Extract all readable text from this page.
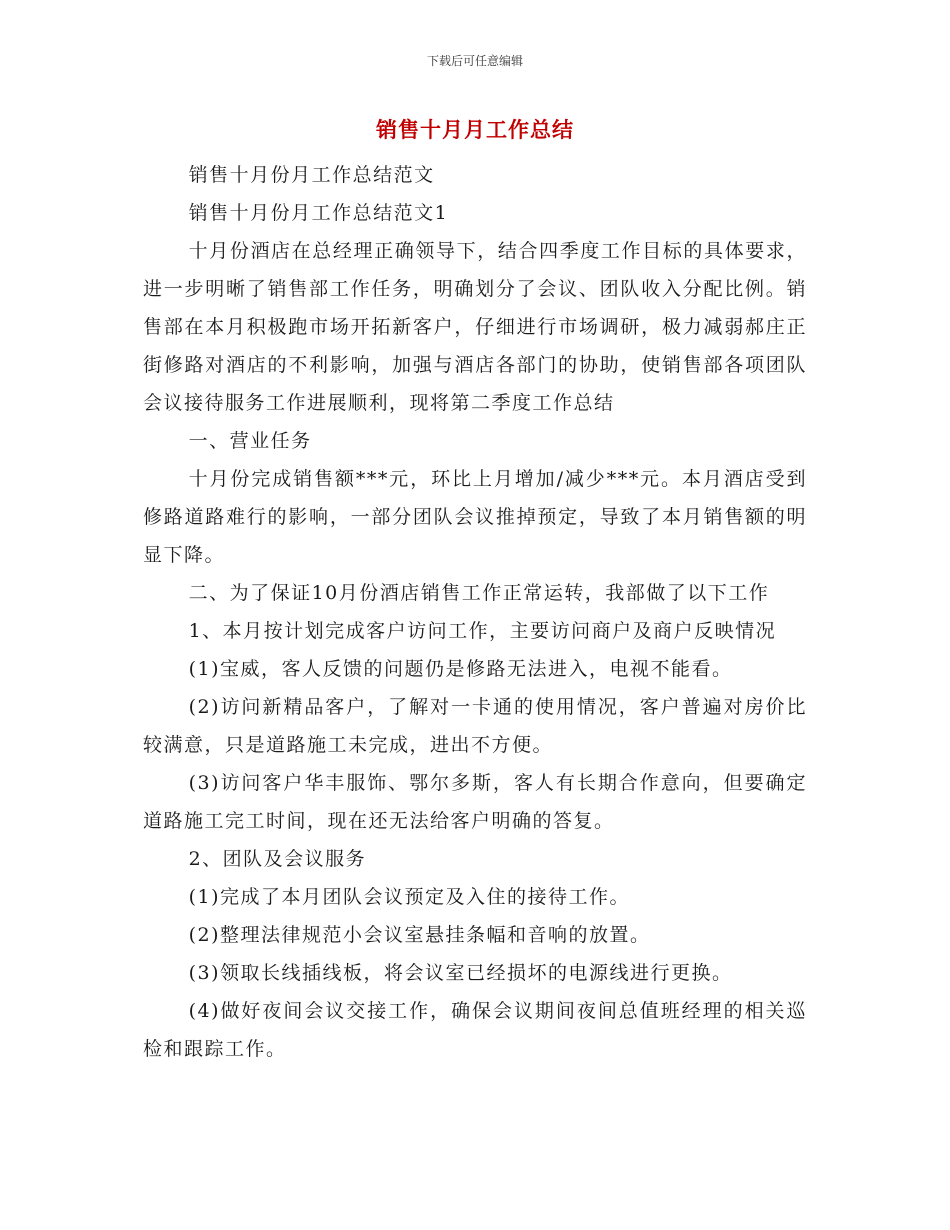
下载后可任意编辑
销售十月月工作总结

销售十月份月工作总结范文

销售十月份月工作总结范文1

十月份酒店在总经理正确领导下，结合四季度工作目标的具体要求，进一步明晰了销售部工作任务，明确划分了会议、团队收入分配比例。销售部在本月积极跑市场开拓新客户，仔细进行市场调研，极力减弱郝庄正街修路对酒店的不利影响，加强与酒店各部门的协助，使销售部各项团队会议接待服务工作进展顺利，现将第二季度工作总结

一、营业任务

十月份完成销售额***元，环比上月增加/减少***元。本月酒店受到修路道路难行的影响，一部分团队会议推掉预定，导致了本月销售额的明显下降。

二、为了保证10月份酒店销售工作正常运转，我部做了以下工作

1、本月按计划完成客户访问工作，主要访问商户及商户反映情况

(1)宝威，客人反馈的问题仍是修路无法进入，电视不能看。

(2)访问新精品客户，了解对一卡通的使用情况，客户普遍对房价比较满意，只是道路施工未完成，进出不方便。

(3)访问客户华丰服饰、鄂尔多斯，客人有长期合作意向，但要确定道路施工完工时间，现在还无法给客户明确的答复。

2、团队及会议服务

(1)完成了本月团队会议预定及入住的接待工作。

(2)整理法律规范小会议室悬挂条幅和音响的放置。

(3)领取长线插线板，将会议室已经损坏的电源线进行更换。

(4)做好夜间会议交接工作，确保会议期间夜间总值班经理的相关巡检和跟踪工作。
